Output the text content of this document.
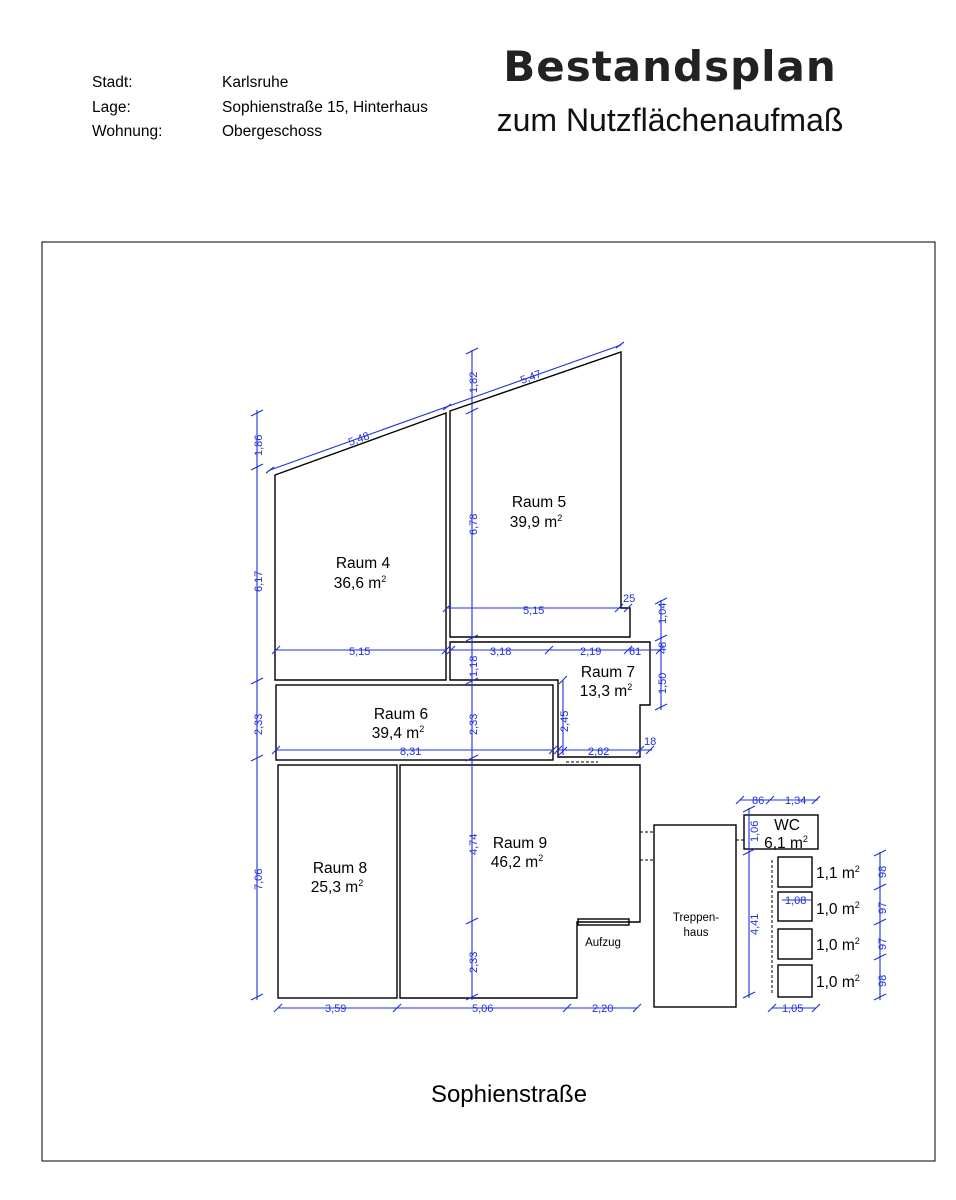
Stadt:	Karlsruhe
Lage:	Sophienstraße 15, Hinterhaus
Wohnung:	Obergeschoss
Bestandsplan
zum Nutzflächenaufmaß
5,48
5,47
1,86
1,82
6,17
6,78
5,15
25
1,04
5,15	3,18	2,19	61 48
1,18
1,50
2,33	2,33	2,45
8,31	2,62
18
7,06
4,74
2,33
3,59	5,06	2,20
86 1,34
1,06
4,41
1,08
1,05
98
97
97
98
Raum 4
36,6 $m^2$
Raum 5
39,9 $m^2$
Raum 6
39,4 $m^2$
Raum 7
13,3 $m^2$
Raum 8
25,3 $m^2$
Raum 9
46,2 $m^2$
WC
6,1 $m^2$
1,1 $m^2$
1,0 $m^2$
1,0 $m^2$
1,0 $m^2$
Aufzug
Treppen-
haus
Sophienstraße
